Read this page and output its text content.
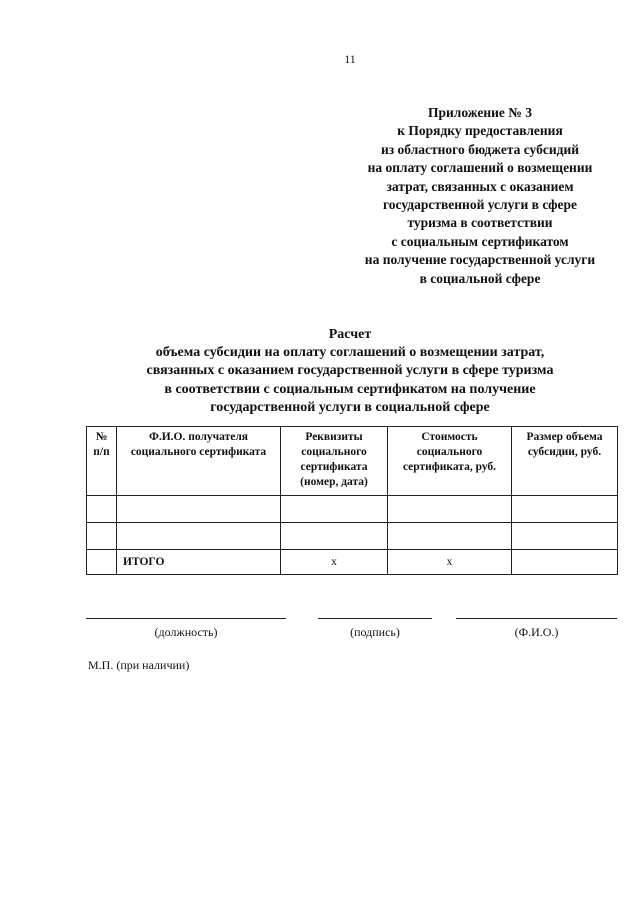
11
Приложение № 3
к Порядку предоставления
из областного бюджета субсидий
на оплату соглашений о возмещении
затрат, связанных с оказанием
государственной услуги в сфере
туризма в соответствии
с социальным сертификатом
на получение государственной услуги
в социальной сфере
Расчет
объема субсидии на оплату соглашений о возмещении затрат,
связанных с оказанием государственной услуги в сфере туризма
в соответствии с социальным сертификатом на получение
государственной услуги в социальной сфере
№ п/п	Ф.И.О. получателя социального сертификата	Реквизиты социального сертификата (номер, дата)	Стоимость социального сертификата, руб.	Размер объема субсидии, руб.

	ИТОГО	х	х	
(должность)	(подпись)	(Ф.И.О.)
М.П. (при наличии)
